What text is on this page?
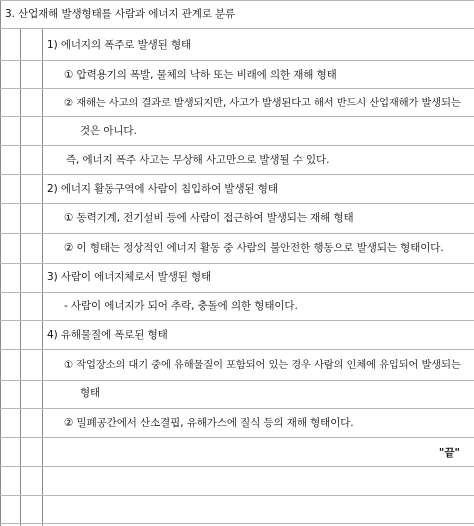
3. 산업재해 발생형태를 사람과 에너지 관계로 분류
1) 에너지의 폭주로 발생된 형태
① 압력용기의 폭발, 물체의 낙하 또는 비래에 의한 재해 형태
② 재해는 사고의 결과로 발생되지만, 사고가 발생된다고 해서 반드시 산업재해가 발생되는
것은 아니다.
즉, 에너지 폭주 사고는 무상해 사고만으로 발생될 수 있다.
2) 에너지 활동구역에 사람이 침입하여 발생된 형태
① 동력기계, 전기설비 등에 사람이 접근하여 발생되는 재해 형태
② 이 형태는 정상적인 에너지 활동 중 사람의 불안전한 행동으로 발생되는 형태이다.
3) 사람이 에너지체로서 발생된 형태
- 사람이 에너지가 되어 추락, 충돌에 의한 형태이다.
4) 유해물질에 폭로된 형태
① 작업장소의 대기 중에 유해물질이 포함되어 있는 경우 사람의 인체에 유입되어 발생되는
형태
② 밀폐공간에서 산소결핍, 유해가스에 질식 등의 재해 형태이다.
"끝"
